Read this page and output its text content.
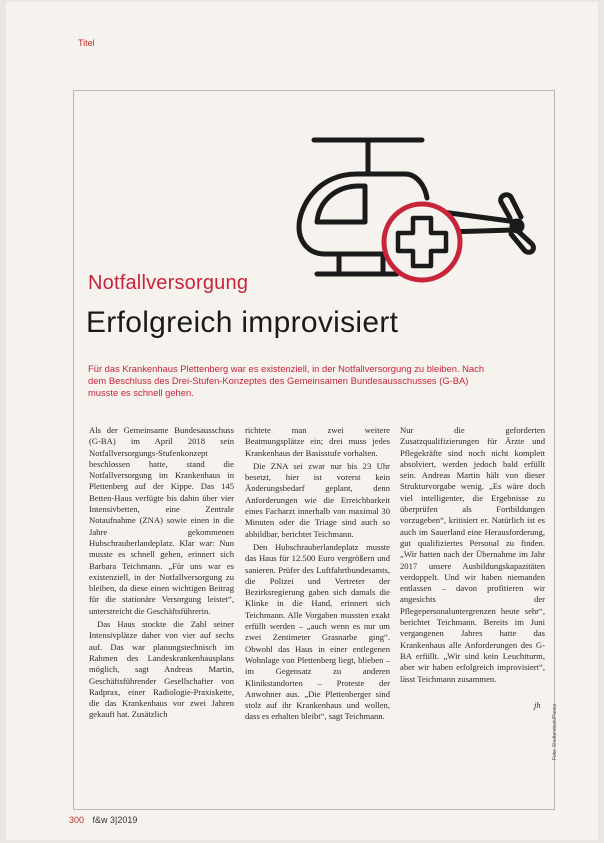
Titel
Notfallversorgung
Erfolgreich improvisiert
Für das Krankenhaus Plettenberg war es existenziell, in der Notfallversorgung zu bleiben. Nach dem Beschluss des Drei-Stufen-Konzeptes des Gemeinsamen Bundesausschusses (G-BA) musste es schnell gehen.

Als der Gemeinsame Bundesausschuss (G-BA) im April 2018 sein Notfallversorgungs-Stufenkonzept beschlossen hatte, stand die Notfallversorgung im Krankenhaus in Plettenberg auf der Kippe. Das 145 Betten-Haus verfügte bis dahin über vier Intensivbetten, eine Zentrale Notaufnahme (ZNA) sowie einen in die Jahre gekommenen Hubschrauberlandeplatz. Klar war: Nun musste es schnell gehen, erinnert sich Barbara Teichmann. „Für uns war es existenziell, in der Notfallversorgung zu bleiben, da diese einen wichtigen Beitrag für die stationäre Versorgung leistet“, unterstreicht die Geschäftsführerin.

Das Haus stockte die Zahl seiner Intensivplätze daher von vier auf sechs auf. Das war planungstechnisch im Rahmen des Landeskrankenhausplans möglich, sagt Andreas Martin, Geschäftsführender Gesellschafter von Radprax, einer Radiologie-Praxiskette, die das Krankenhaus vor zwei Jahren gekauft hat. Zusätzlich

richtete man zwei weitere Beatmungsplätze ein; drei muss jedes Krankenhaus der Basisstufe vorhalten.

Die ZNA sei zwar nur bis 23 Uhr besetzt, hier ist vorerst kein Änderungsbedarf geplant, denn Anforderungen wie die Erreichbarkeit eines Facharzt innerhalb von maximal 30 Minuten oder die Triage sind auch so abbildbar, berichtet Teichmann.

Den Hubschrauberlandeplatz musste das Haus für 12.500 Euro vergrößern und sanieren. Prüfer des Luftfahrtbundesamts, die Polizei und Vertreter der Bezirksregierung gaben sich damals die Klinke in die Hand, erinnert sich Teichmann. Alle Vorgaben mussten exakt erfüllt werden – „auch wenn es nur um zwei Zentimeter Grasnarbe ging“. Obwohl das Haus in einer entlegenen Wohnlage von Plettenberg liegt, blieben – im Gegensatz zu anderen Klinikstandorten – Proteste der Anwohner aus. „Die Plettenberger sind stolz auf ihr Krankenhaus und wollen, dass es erhalten bleibt“, sagt Teichmann.

Nur die geforderten Zusatzqualifizierungen für Ärzte und Pflegekräfte sind noch nicht komplett absolviert, werden jedoch bald erfüllt sein. Andreas Martin hält von dieser Strukturvorgabe wenig. „Es wäre doch viel intelligenter, die Ergebnisse zu überprüfen als Fortbildungen vorzugeben“, kritisiert er. Natürlich ist es auch im Sauerland eine Herausforderung, gut qualifiziertes Personal zu finden. „Wir hatten nach der Übernahme im Jahr 2017 unsere Ausbildungskapazitäten verdoppelt. Und wir haben niemanden entlassen – davon profitieren wir angesichts der Pflegepersonaluntergrenzen heute sehr“, berichtet Teichmann. Bereits im Juni vergangenen Jahres hatte das Krankenhaus alle Anforderungen des G-BA erfüllt. „Wir sind kein Leuchtturm, aber wir haben erfolgreich improvisiert“, lässt Teichmann zusammen.

jh Foto: Shutterstock/Panco
300 f&w 3|2019
